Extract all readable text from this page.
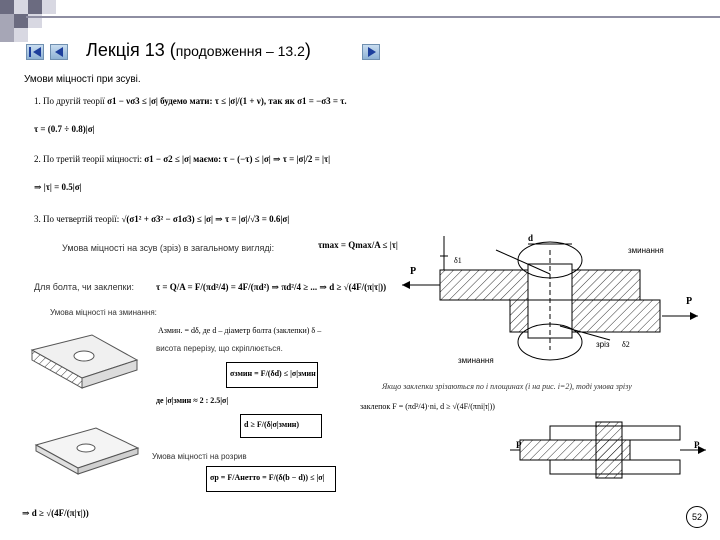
Лекція 13 (продовження – 13.2)
Умови міцності при зсуві.
1. По другій теорії σ1 − νσ3 ≤ |σ| будемо мати: τ ≤ |σ|/(1 + ν), так як σ1 = −σ3 = τ.
τ = (0.7 ÷ 0.8)|σ|
2. По третій теорії міцності: σ1 − σ2 ≤ |σ| маємо: τ − (−τ) ≤ |σ| ⇒ τ = |σ|/2 = |τ|
⇒ |τ| = 0.5|σ|
3. По четвертій теорії: √(σ1² + σ3² − σ1σ3) ≤ |σ| ⇒ τ = |σ|/√3 = 0.6|σ|
Умова міцності на зсув (зріз) в загальному вигляді:	τmax = Qmax/A ≤ |τ|
Для болта, чи заклепки: τ = Q/A = F/(πd²/4) = 4F/(πd²) ⇒ πd²/4 ≥ ... ⇒ d ≥ √(4F/(π|τ|))
Умова міцності на зминання:
Aзмин. = dδ, де d – діаметр болта (заклепки) δ –
висота перерізу, що скріплюється.
σзмин = F/(δd) ≤ |σ|змин
де |σ|змин ≈ 2 : 2.5|σ|
d ≥ F/(δ|σ|змин)
Якщо заклепки зрізаються по і площинах (і на рис. і=2), тоді умова зрізу
заклепок F = (πd²/4)·ni, d ≥ √(4F/(πni|τ|))
Умова міцності на розрив
σp = F/Aнетто = F/(δ(b − d)) ≤ |σ|
⇒ d ≥ √(4F/(π|τ|))
d
зминання
зминання
зріз
P
P
δ1
δ2
P	P
52
